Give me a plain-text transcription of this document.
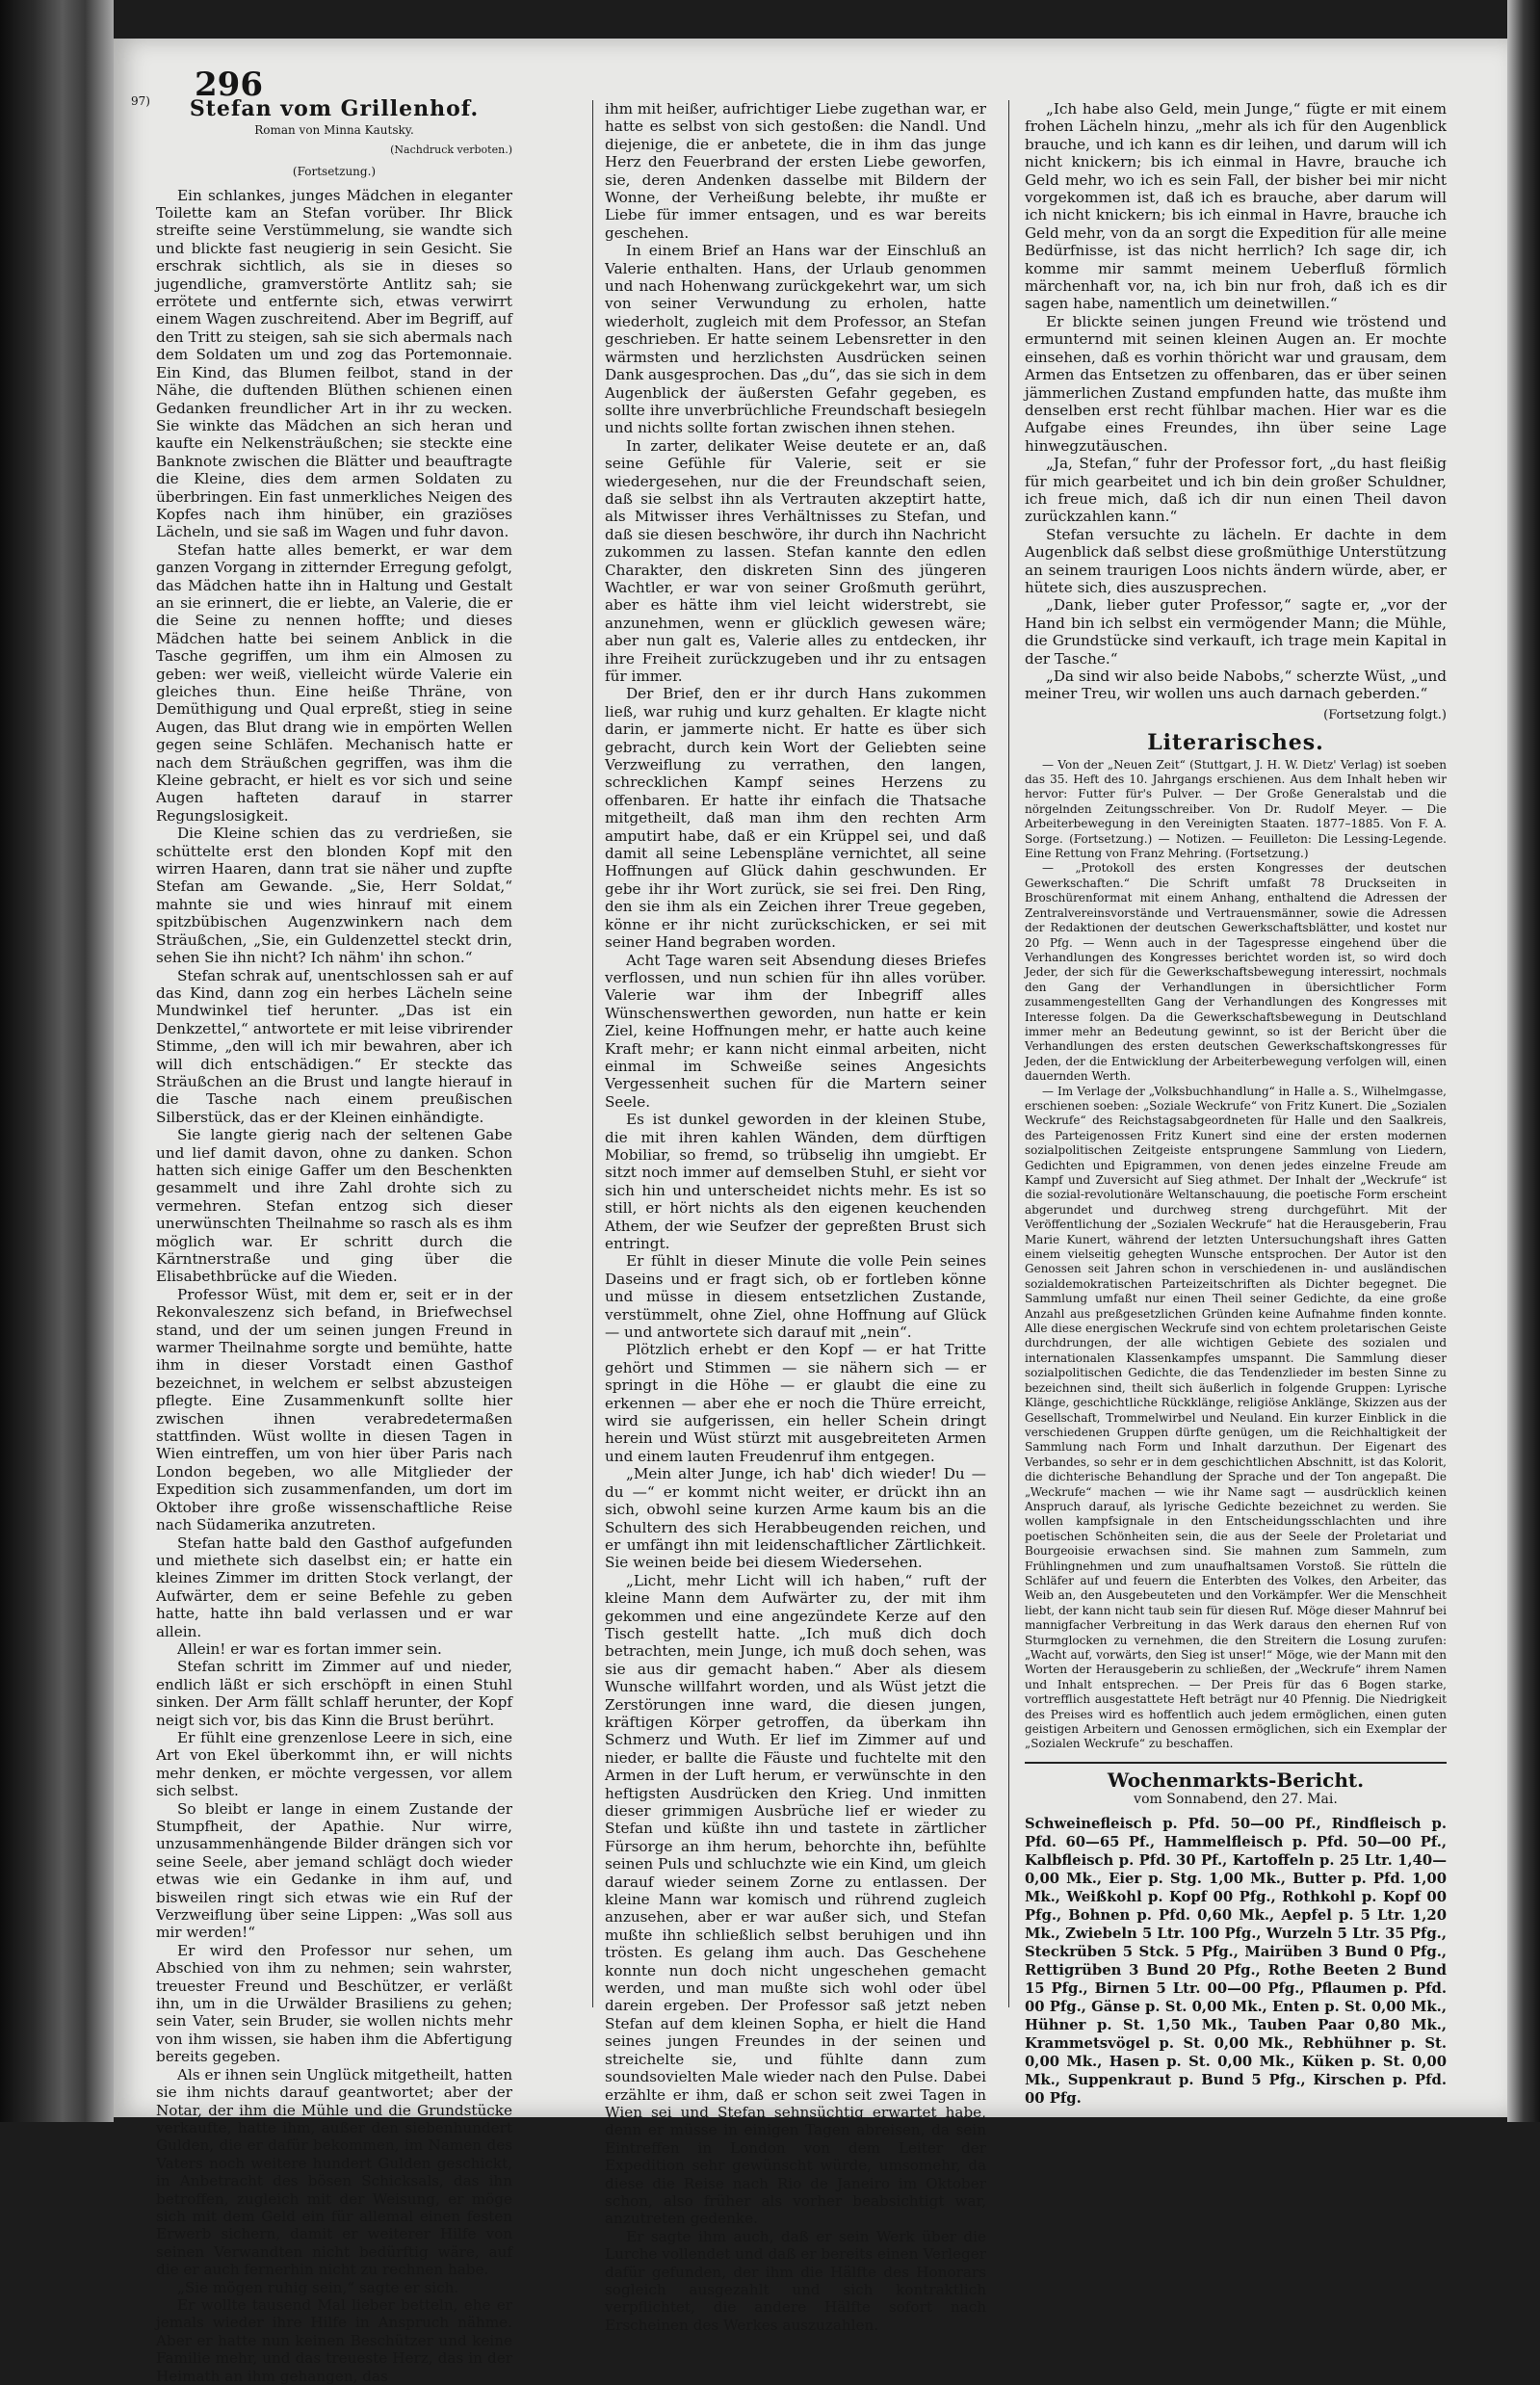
296
97)	Stefan vom Grillenhof.
Roman von Minna Kautsky.
(Nachdruck verboten.)
(Fortsetzung.)

Ein schlankes, junges Mädchen in eleganter Toilette kam an Stefan vorüber. Ihr Blick streifte seine Verstümmelung, sie wandte sich und blickte fast neugierig in sein Gesicht. Sie erschrak sichtlich, als sie in dieses so jugendliche, gramverstörte Antlitz sah; sie errötete und entfernte sich, etwas verwirrt einem Wagen zuschreitend. Aber im Begriff, auf den Tritt zu steigen, sah sie sich abermals nach dem Soldaten um und zog das Portemonnaie. Ein Kind, das Blumen feilbot, stand in der Nähe, die duftenden Blüthen schienen einen Gedanken freundlicher Art in ihr zu wecken. Sie winkte das Mädchen an sich heran und kaufte ein Nelkensträußchen; sie steckte eine Banknote zwischen die Blätter und beauftragte die Kleine, dies dem armen Soldaten zu überbringen. Ein fast unmerkliches Neigen des Kopfes nach ihm hinüber, ein graziöses Lächeln, und sie saß im Wagen und fuhr davon.

Stefan hatte alles bemerkt, er war dem ganzen Vorgang in zitternder Erregung gefolgt, das Mädchen hatte ihn in Haltung und Gestalt an sie erinnert, die er liebte, an Valerie, die er die Seine zu nennen hoffte; und dieses Mädchen hatte bei seinem Anblick in die Tasche gegriffen, um ihm ein Almosen zu geben: wer weiß, vielleicht würde Valerie ein gleiches thun. Eine heiße Thräne, von Demüthigung und Qual erpreßt, stieg in seine Augen, das Blut drang wie in empörten Wellen gegen seine Schläfen. Mechanisch hatte er nach dem Sträußchen gegriffen, was ihm die Kleine gebracht, er hielt es vor sich und seine Augen hafteten darauf in starrer Regungslosigkeit.

Die Kleine schien das zu verdrießen, sie schüttelte erst den blonden Kopf mit den wirren Haaren, dann trat sie näher und zupfte Stefan am Gewande. „Sie, Herr Soldat,“ mahnte sie und wies hinrauf mit einem spitzbübischen Augenzwinkern nach dem Sträußchen, „Sie, ein Guldenzettel steckt drin, sehen Sie ihn nicht? Ich nähm' ihn schon.“

Stefan schrak auf, unentschlossen sah er auf das Kind, dann zog ein herbes Lächeln seine Mundwinkel tief herunter. „Das ist ein Denkzettel,“ antwortete er mit leise vibrirender Stimme, „den will ich mir bewahren, aber ich will dich entschädigen.“ Er steckte das Sträußchen an die Brust und langte hierauf in die Tasche nach einem preußischen Silberstück, das er der Kleinen einhändigte.

Sie langte gierig nach der seltenen Gabe und lief damit davon, ohne zu danken. Schon hatten sich einige Gaffer um den Beschenkten gesammelt und ihre Zahl drohte sich zu vermehren. Stefan entzog sich dieser unerwünschten Theilnahme so rasch als es ihm möglich war. Er schritt durch die Kärntnerstraße und ging über die Elisabethbrücke auf die Wieden.

Professor Wüst, mit dem er, seit er in der Rekonvaleszenz sich befand, in Briefwechsel stand, und der um seinen jungen Freund in warmer Theilnahme sorgte und bemühte, hatte ihm in dieser Vorstadt einen Gasthof bezeichnet, in welchem er selbst abzusteigen pflegte. Eine Zusammenkunft sollte hier zwischen ihnen verabredetermaßen stattfinden. Wüst wollte in diesen Tagen in Wien eintreffen, um von hier über Paris nach London begeben, wo alle Mitglieder der Expedition sich zusammenfanden, um dort im Oktober ihre große wissenschaftliche Reise nach Südamerika anzutreten.

Stefan hatte bald den Gasthof aufgefunden und miethete sich daselbst ein; er hatte ein kleines Zimmer im dritten Stock verlangt, der Aufwärter, dem er seine Befehle zu geben hatte, hatte ihn bald verlassen und er war allein.

Allein! er war es fortan immer sein.

Stefan schritt im Zimmer auf und nieder, endlich läßt er sich erschöpft in einen Stuhl sinken. Der Arm fällt schlaff herunter, der Kopf neigt sich vor, bis das Kinn die Brust berührt.

Er fühlt eine grenzenlose Leere in sich, eine Art von Ekel überkommt ihn, er will nichts mehr denken, er möchte vergessen, vor allem sich selbst.

So bleibt er lange in einem Zustande der Stumpfheit, der Apathie. Nur wirre, unzusammenhängende Bilder drängen sich vor seine Seele, aber jemand schlägt doch wieder etwas wie ein Gedanke in ihm auf, und bisweilen ringt sich etwas wie ein Ruf der Verzweiflung über seine Lippen: „Was soll aus mir werden!“

Er wird den Professor nur sehen, um Abschied von ihm zu nehmen; sein wahrster, treuester Freund und Beschützer, er verläßt ihn, um in die Urwälder Brasiliens zu gehen; sein Vater, sein Bruder, sie wollen nichts mehr von ihm wissen, sie haben ihm die Abfertigung bereits gegeben.

Als er ihnen sein Unglück mitgetheilt, hatten sie ihm nichts darauf geantwortet; aber der Notar, der ihm die Mühle und die Grundstücke verkaufte, hatte ihm, außer den siebenhundert Gulden, die er dafür bekommen, im Namen des Vaters noch weitere hundert Gulden geschickt, in Anbetracht des bösen Schicksals, das ihn betroffen, zugleich mit der Weisung, er möge sich mit dem Geld ein für allemal einen festen Erwerb sichern, damit er weiterer Hilfe von seinen Verwandten nicht bedürftig wäre, auf die er auch fernerhin nicht zu rechnen habe.

„Sie mögen ruhig sein,“ sagte er sich.

Er wollte tausend Mal lieber betteln, ehe er jemals wieder ihre Hilfe in Anspruch nähme. Aber er hatte nun keinen Beschützer und keine Familie mehr, und das treueste Herz, das in der Heimath an ihm gehangen, das

ihm mit heißer, aufrichtiger Liebe zugethan war, er hatte es selbst von sich gestoßen: die Nandl. Und diejenige, die er anbetete, die in ihm das junge Herz den Feuerbrand der ersten Liebe geworfen, sie, deren Andenken dasselbe mit Bildern der Wonne, der Verheißung belebte, ihr mußte er Liebe für immer entsagen, und es war bereits geschehen.

In einem Brief an Hans war der Einschluß an Valerie enthalten. Hans, der Urlaub genommen und nach Hohenwang zurückgekehrt war, um sich von seiner Verwundung zu erholen, hatte wiederholt, zugleich mit dem Professor, an Stefan geschrieben. Er hatte seinem Lebensretter in den wärmsten und herzlichsten Ausdrücken seinen Dank ausgesprochen. Das „du“, das sie sich in dem Augenblick der äußersten Gefahr gegeben, es sollte ihre unverbrüchliche Freundschaft besiegeln und nichts sollte fortan zwischen ihnen stehen.

In zarter, delikater Weise deutete er an, daß seine Gefühle für Valerie, seit er sie wiedergesehen, nur die der Freundschaft seien, daß sie selbst ihn als Vertrauten akzeptirt hatte, als Mitwisser ihres Verhältnisses zu Stefan, und daß sie diesen beschwöre, ihr durch ihn Nachricht zukommen zu lassen. Stefan kannte den edlen Charakter, den diskreten Sinn des jüngeren Wachtler, er war von seiner Großmuth gerührt, aber es hätte ihm viel leicht widerstrebt, sie anzunehmen, wenn er glücklich gewesen wäre; aber nun galt es, Valerie alles zu entdecken, ihr ihre Freiheit zurückzugeben und ihr zu entsagen für immer.

Der Brief, den er ihr durch Hans zukommen ließ, war ruhig und kurz gehalten. Er klagte nicht darin, er jammerte nicht. Er hatte es über sich gebracht, durch kein Wort der Geliebten seine Verzweiflung zu verrathen, den langen, schrecklichen Kampf seines Herzens zu offenbaren. Er hatte ihr einfach die Thatsache mitgetheilt, daß man ihm den rechten Arm amputirt habe, daß er ein Krüppel sei, und daß damit all seine Lebenspläne vernichtet, all seine Hoffnungen auf Glück dahin geschwunden. Er gebe ihr ihr Wort zurück, sie sei frei. Den Ring, den sie ihm als ein Zeichen ihrer Treue gegeben, könne er ihr nicht zurückschicken, er sei mit seiner Hand begraben worden.

Acht Tage waren seit Absendung dieses Briefes verflossen, und nun schien für ihn alles vorüber. Valerie war ihm der Inbegriff alles Wünschenswerthen geworden, nun hatte er kein Ziel, keine Hoffnungen mehr, er hatte auch keine Kraft mehr; er kann nicht einmal arbeiten, nicht einmal im Schweiße seines Angesichts Vergessenheit suchen für die Martern seiner Seele.

Es ist dunkel geworden in der kleinen Stube, die mit ihren kahlen Wänden, dem dürftigen Mobiliar, so fremd, so trübselig ihn umgiebt. Er sitzt noch immer auf demselben Stuhl, er sieht vor sich hin und unterscheidet nichts mehr. Es ist so still, er hört nichts als den eigenen keuchenden Athem, der wie Seufzer der gepreßten Brust sich entringt.

Er fühlt in dieser Minute die volle Pein seines Daseins und er fragt sich, ob er fortleben könne und müsse in diesem entsetzlichen Zustande, verstümmelt, ohne Ziel, ohne Hoffnung auf Glück — und antwortete sich darauf mit „nein“.

Plötzlich erhebt er den Kopf — er hat Tritte gehört und Stimmen — sie nähern sich — er springt in die Höhe — er glaubt die eine zu erkennen — aber ehe er noch die Thüre erreicht, wird sie aufgerissen, ein heller Schein dringt herein und Wüst stürzt mit ausgebreiteten Armen und einem lauten Freudenruf ihm entgegen.

„Mein alter Junge, ich hab' dich wieder! Du — du —“ er kommt nicht weiter, er drückt ihn an sich, obwohl seine kurzen Arme kaum bis an die Schultern des sich Herabbeugenden reichen, und er umfängt ihn mit leidenschaftlicher Zärtlichkeit. Sie weinen beide bei diesem Wiedersehen.

„Licht, mehr Licht will ich haben,“ ruft der kleine Mann dem Aufwärter zu, der mit ihm gekommen und eine angezündete Kerze auf den Tisch gestellt hatte. „Ich muß dich doch betrachten, mein Junge, ich muß doch sehen, was sie aus dir gemacht haben.“ Aber als diesem Wunsche willfahrt worden, und als Wüst jetzt die Zerstörungen inne ward, die diesen jungen, kräftigen Körper getroffen, da überkam ihn Schmerz und Wuth. Er lief im Zimmer auf und nieder, er ballte die Fäuste und fuchtelte mit den Armen in der Luft herum, er verwünschte in den heftigsten Ausdrücken den Krieg. Und inmitten dieser grimmigen Ausbrüche lief er wieder zu Stefan und küßte ihn und tastete in zärtlicher Fürsorge an ihm herum, behorchte ihn, befühlte seinen Puls und schluchzte wie ein Kind, um gleich darauf wieder seinem Zorne zu entlassen. Der kleine Mann war komisch und rührend zugleich anzusehen, aber er war außer sich, und Stefan mußte ihn schließlich selbst beruhigen und ihn trösten. Es gelang ihm auch. Das Geschehene konnte nun doch nicht ungeschehen gemacht werden, und man mußte sich wohl oder übel darein ergeben. Der Professor saß jetzt neben Stefan auf dem kleinen Sopha, er hielt die Hand seines jungen Freundes in der seinen und streichelte sie, und fühlte dann zum soundsovielten Male wieder nach den Pulse. Dabei erzählte er ihm, daß er schon seit zwei Tagen in Wien sei und Stefan sehnsüchtig erwartet habe, denn er müsse in einigen Tagen abreisen, da sein Eintreffen in London von dem Leiter der Expedition sehr gewünscht würde, umsomehr, da diese die Reise nach Rio de Janeiro im Oktober schon, also früher als vorher beabsichtigt war, anzutreten gedenke.

Er sagte ihm auch, daß er sein Werk über die Lurche vollendet und daß er bereits einen Verleger dafür gefunden, der ihm die Hälfte des Honorars sogleich ausgezahlt und sich kontraktlich verpflichtet, die andere Hälfte sofort nach Erscheinen des Werkes auszuzahlen.

„Ich habe also Geld, mein Junge,“ fügte er mit einem frohen Lächeln hinzu, „mehr als ich für den Augenblick brauche, und ich kann es dir leihen, und darum will ich nicht knickern; bis ich einmal in Havre, brauche ich Geld mehr, wo ich es sein Fall, der bisher bei mir nicht vorgekommen ist, daß ich es brauche, aber darum will ich nicht knickern; bis ich einmal in Havre, brauche ich Geld mehr, von da an sorgt die Expedition für alle meine Bedürfnisse, ist das nicht herrlich? Ich sage dir, ich komme mir sammt meinem Ueberfluß förmlich märchenhaft vor, na, ich bin nur froh, daß ich es dir sagen habe, namentlich um deinetwillen.“

Er blickte seinen jungen Freund wie tröstend und ermunternd mit seinen kleinen Augen an. Er mochte einsehen, daß es vorhin thöricht war und grausam, dem Armen das Entsetzen zu offenbaren, das er über seinen jämmerlichen Zustand empfunden hatte, das mußte ihm denselben erst recht fühlbar machen. Hier war es die Aufgabe eines Freundes, ihn über seine Lage hinwegzutäuschen.

„Ja, Stefan,“ fuhr der Professor fort, „du hast fleißig für mich gearbeitet und ich bin dein großer Schuldner, ich freue mich, daß ich dir nun einen Theil davon zurückzahlen kann.“

Stefan versuchte zu lächeln. Er dachte in dem Augenblick daß selbst diese großmüthige Unterstützung an seinem traurigen Loos nichts ändern würde, aber, er hütete sich, dies auszusprechen.

„Dank, lieber guter Professor,“ sagte er, „vor der Hand bin ich selbst ein vermögender Mann; die Mühle, die Grundstücke sind verkauft, ich trage mein Kapital in der Tasche.“

„Da sind wir also beide Nabobs,“ scherzte Wüst, „und meiner Treu, wir wollen uns auch darnach geberden.“

(Fortsetzung folgt.)
Literarisches.

— Von der „Neuen Zeit“ (Stuttgart, J. H. W. Dietz' Verlag) ist soeben das 35. Heft des 10. Jahrgangs erschienen. Aus dem Inhalt heben wir hervor: Futter für's Pulver. — Der Große Generalstab und die nörgelnden Zeitungsschreiber. Von Dr. Rudolf Meyer. — Die Arbeiterbewegung in den Vereinigten Staaten. 1877–1885. Von F. A. Sorge. (Fortsetzung.) — Notizen. — Feuilleton: Die Lessing-Legende. Eine Rettung von Franz Mehring. (Fortsetzung.)

— „Protokoll des ersten Kongresses der deutschen Gewerkschaften.“ Die Schrift umfaßt 78 Druckseiten in Broschürenformat mit einem Anhang, enthaltend die Adressen der Zentralvereinsvorstände und Vertrauensmänner, sowie die Adressen der Redaktionen der deutschen Gewerkschaftsblätter, und kostet nur 20 Pfg. — Wenn auch in der Tagespresse eingehend über die Verhandlungen des Kongresses berichtet worden ist, so wird doch Jeder, der sich für die Gewerkschaftsbewegung interessirt, nochmals den Gang der Verhandlungen in übersichtlicher Form zusammengestellten Gang der Verhandlungen des Kongresses mit Interesse folgen. Da die Gewerkschaftsbewegung in Deutschland immer mehr an Bedeutung gewinnt, so ist der Bericht über die Verhandlungen des ersten deutschen Gewerkschaftskongresses für Jeden, der die Entwicklung der Arbeiterbewegung verfolgen will, einen dauernden Werth.

— Im Verlage der „Volksbuchhandlung“ in Halle a. S., Wilhelmgasse, erschienen soeben: „Soziale Weckrufe“ von Fritz Kunert. Die „Sozialen Weckrufe“ des Reichstagsabgeordneten für Halle und den Saalkreis, des Parteigenossen Fritz Kunert sind eine der ersten modernen sozialpolitischen Zeitgeiste entsprungene Sammlung von Liedern, Gedichten und Epigrammen, von denen jedes einzelne Freude am Kampf und Zuversicht auf Sieg athmet. Der Inhalt der „Weckrufe“ ist die sozial-revolutionäre Weltanschauung, die poetische Form erscheint abgerundet und durchweg streng durchgeführt. Mit der Veröffentlichung der „Sozialen Weckrufe“ hat die Herausgeberin, Frau Marie Kunert, während der letzten Untersuchungshaft ihres Gatten einem vielseitig gehegten Wunsche entsprochen. Der Autor ist den Genossen seit Jahren schon in verschiedenen in- und ausländischen sozialdemokratischen Parteizeitschriften als Dichter begegnet. Die Sammlung umfaßt nur einen Theil seiner Gedichte, da eine große Anzahl aus preßgesetzlichen Gründen keine Aufnahme finden konnte. Alle diese energischen Weckrufe sind von echtem proletarischen Geiste durchdrungen, der alle wichtigen Gebiete des sozialen und internationalen Klassenkampfes umspannt. Die Sammlung dieser sozialpolitischen Gedichte, die das Tendenzlieder im besten Sinne zu bezeichnen sind, theilt sich äußerlich in folgende Gruppen: Lyrische Klänge, geschichtliche Rückklänge, religiöse Anklänge, Skizzen aus der Gesellschaft, Trommelwirbel und Neuland. Ein kurzer Einblick in die verschiedenen Gruppen dürfte genügen, um die Reichhaltigkeit der Sammlung nach Form und Inhalt darzuthun. Der Eigenart des Verbandes, so sehr er in dem geschichtlichen Abschnitt, ist das Kolorit, die dichterische Behandlung der Sprache und der Ton angepaßt. Die „Weckrufe“ machen — wie ihr Name sagt — ausdrücklich keinen Anspruch darauf, als lyrische Gedichte bezeichnet zu werden. Sie wollen kampfsignale in den Entscheidungsschlachten und ihre poetischen Schönheiten sein, die aus der Seele der Proletariat und Bourgeoisie erwachsen sind. Sie mahnen zum Sammeln, zum Frühlingnehmen und zum unaufhaltsamen Vorstoß. Sie rütteln die Schläfer auf und feuern die Enterbten des Volkes, den Arbeiter, das Weib an, den Ausgebeuteten und den Vorkämpfer. Wer die Menschheit liebt, der kann nicht taub sein für diesen Ruf. Möge dieser Mahnruf bei mannigfacher Verbreitung in das Werk daraus den ehernen Ruf von Sturmglocken zu vernehmen, die den Streitern die Losung zurufen: „Wacht auf, vorwärts, den Sieg ist unser!“ Möge, wie der Mann mit den Worten der Herausgeberin zu schließen, der „Weckrufe“ ihrem Namen und Inhalt entsprechen. — Der Preis für das 6 Bogen starke, vortrefflich ausgestattete Heft beträgt nur 40 Pfennig. Die Niedrigkeit des Preises wird es hoffentlich auch jedem ermöglichen, einen guten geistigen Arbeitern und Genossen ermöglichen, sich ein Exemplar der „Sozialen Weckrufe“ zu beschaffen.

Wochenmarkts-Bericht.
vom Sonnabend, den 27. Mai.
Schweinefleisch p. Pfd. 50—00 Pf., Rindfleisch p. Pfd. 60—65 Pf., Hammelfleisch p. Pfd. 50—00 Pf., Kalbfleisch p. Pfd. 30 Pf., Kartoffeln p. 25 Ltr. 1,40—0,00 Mk., Eier p. Stg. 1,00 Mk., Butter p. Pfd. 1,00 Mk., Weißkohl p. Kopf 00 Pfg., Rothkohl p. Kopf 00 Pfg., Bohnen p. Pfd. 0,60 Mk., Aepfel p. 5 Ltr. 1,20 Mk., Zwiebeln 5 Ltr. 100 Pfg., Wurzeln 5 Ltr. 35 Pfg., Steckrüben 5 Stck. 5 Pfg., Mairüben 3 Bund 0 Pfg., Rettigrüben 3 Bund 20 Pfg., Rothe Beeten 2 Bund 15 Pfg., Birnen 5 Ltr. 00—00 Pfg., Pflaumen p. Pfd. 00 Pfg., Gänse p. St. 0,00 Mk., Enten p. St. 0,00 Mk., Hühner p. St. 1,50 Mk., Tauben Paar 0,80 Mk., Krammetsvögel p. St. 0,00 Mk., Rebhühner p. St. 0,00 Mk., Hasen p. St. 0,00 Mk., Küken p. St. 0,00 Mk., Suppenkraut p. Bund 5 Pfg., Kirschen p. Pfd. 00 Pfg.
